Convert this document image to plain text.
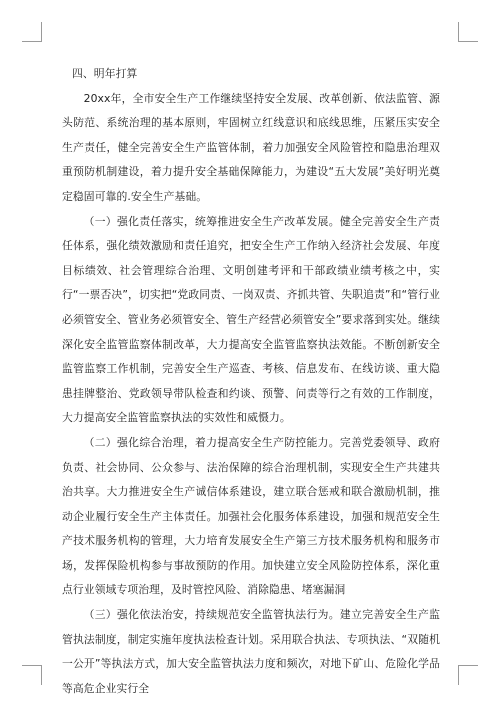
四、明年打算

20xx年，全市安全生产工作继续坚持安全发展、改革创新、依法监管、源头防范、系统治理的基本原则，牢固树立红线意识和底线思维，压紧压实安全生产责任，健全完善安全生产监管体制，着力加强安全风险管控和隐患治理双重预防机制建设，着力提升安全基础保障能力，为建设“五大发展”美好明光奠定稳固可靠的.安全生产基础。

（一）强化责任落实，统筹推进安全生产改革发展。健全完善安全生产责任体系，强化绩效激励和责任追究，把安全生产工作纳入经济社会发展、年度目标绩效、社会管理综合治理、文明创建考评和干部政绩业绩考核之中，实行“一票否决”，切实把“党政同责、一岗双责、齐抓共管、失职追责”和“管行业必须管安全、管业务必须管安全、管生产经营必须管安全”要求落到实处。继续深化安全监管监察体制改革，大力提高安全监管监察执法效能。不断创新安全监管监察工作机制，完善安全生产巡查、考核、信息发布、在线访谈、重大隐患挂牌整治、党政领导带队检查和约谈、预警、问责等行之有效的工作制度，大力提高安全监管监察执法的实效性和威慑力。

（二）强化综合治理，着力提高安全生产防控能力。完善党委领导、政府负责、社会协同、公众参与、法治保障的综合治理机制，实现安全生产共建共治共享。大力推进安全生产诚信体系建设，建立联合惩戒和联合激励机制，推动企业履行安全生产主体责任。加强社会化服务体系建设，加强和规范安全生产技术服务机构的管理，大力培育发展安全生产第三方技术服务机构和服务市场，发挥保险机构参与事故预防的作用。加快建立安全风险防控体系，深化重点行业领域专项治理，及时管控风险、消除隐患、堵塞漏洞

（三）强化依法治安，持续规范安全监管执法行为。建立完善安全生产监管执法制度，制定实施年度执法检查计划。采用联合执法、专项执法、“双随机一公开”等执法方式，加大安全监管执法力度和频次，对地下矿山、危险化学品等高危企业实行全
